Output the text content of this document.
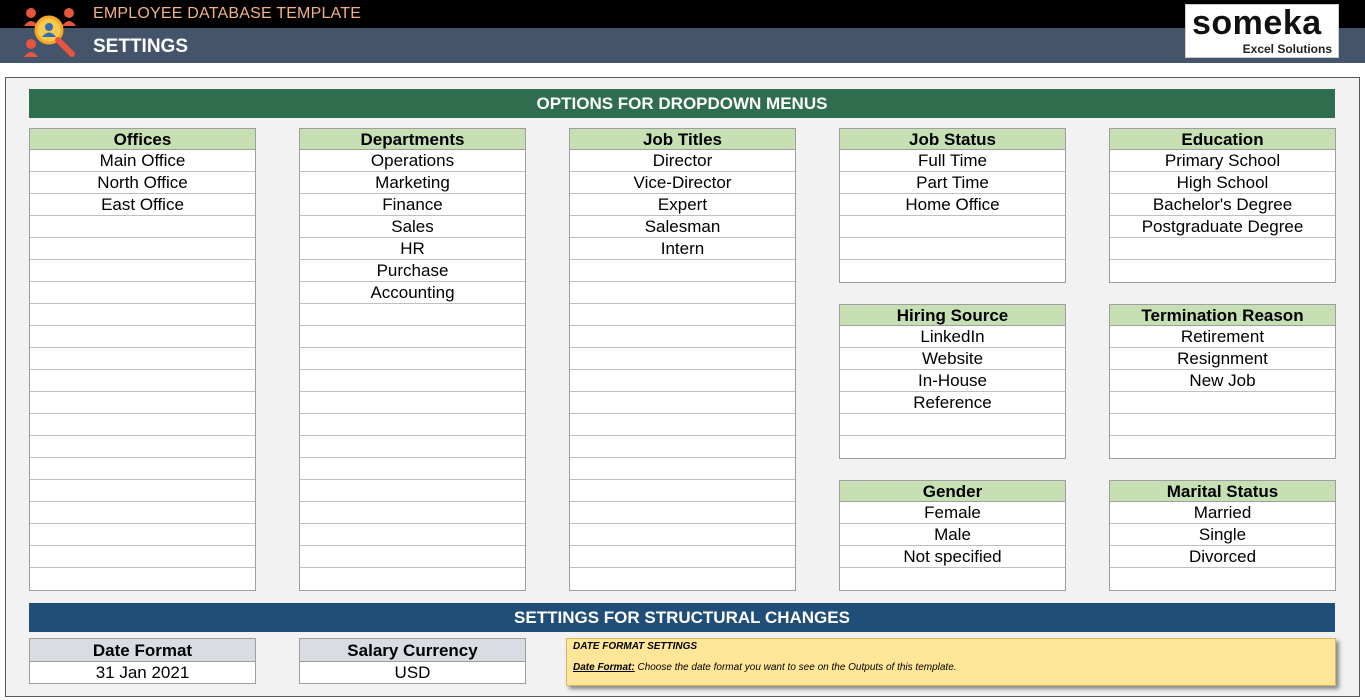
EMPLOYEE DATABASE TEMPLATE
SETTINGS
someka
Excel Solutions
OPTIONS FOR DROPDOWN MENUS
Offices
Main Office
North Office
East Office
Departments
Operations
Marketing
Finance
Sales
HR
Purchase
Accounting
Job Titles
Director
Vice-Director
Expert
Salesman
Intern
Job Status
Full Time
Part Time
Home Office
Education
Primary School
High School
Bachelor's Degree
Postgraduate Degree
Hiring Source
LinkedIn
Website
In-House
Reference
Termination Reason
Retirement
Resignment
New Job
Gender
Female
Male
Not specified
Marital Status
Married
Single
Divorced
SETTINGS FOR STRUCTURAL CHANGES
Date Format
31 Jan 2021
Salary Currency
USD
DATE FORMAT SETTINGS
Date Format: Choose the date format you want to see on the Outputs of this template.
